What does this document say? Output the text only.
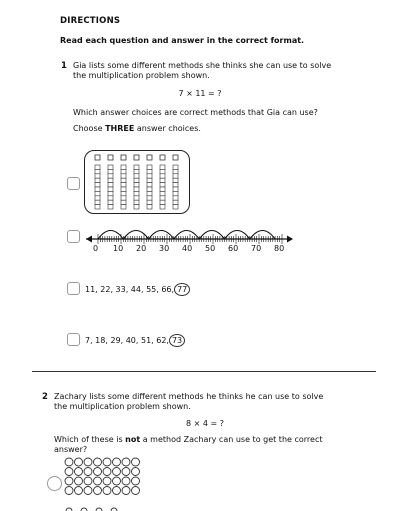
DIRECTIONS
Read each question and answer in the correct format.
1 Gia lists some different methods she thinks she can use to solve the multiplication problem shown.
7 × 11 = ?
Which answer choices are correct methods that Gia can use?
Choose THREE answer choices.
0 10 20 30 40 50 60 70 80
11, 22, 33, 44, 55, 66, 77
7, 18, 29, 40, 51, 62, 73
2 Zachary lists some different methods he thinks he can use to solve the multiplication problem shown.
8 × 4 = ?
Which of these is not a method Zachary can use to get the correct answer?
